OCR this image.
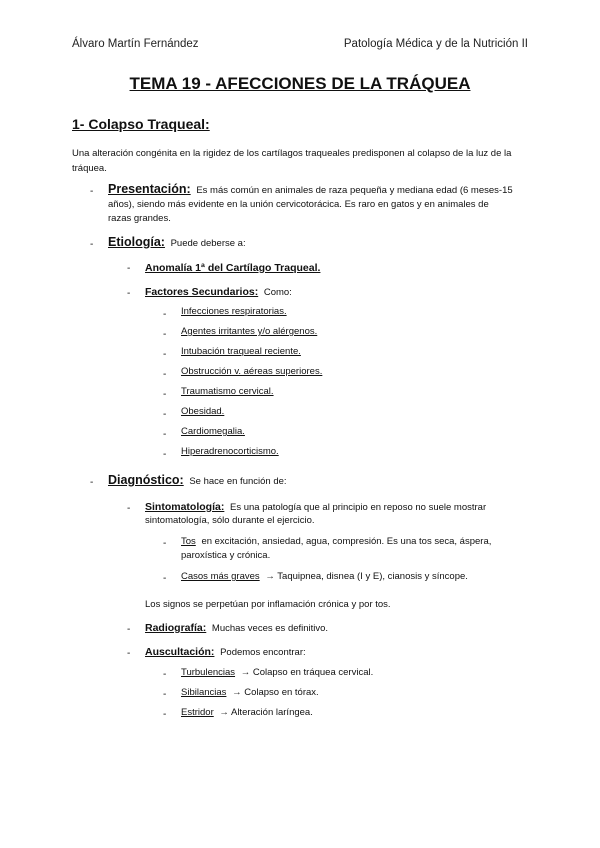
Álvaro Martín Fernández	Patología Médica y de la Nutrición II
TEMA 19 - AFECCIONES DE LA TRÁQUEA
1- Colapso Traqueal:
Una alteración congénita en la rigidez de los cartílagos traqueales predisponen al colapso de la luz de la tráquea.
- Presentación: Es más común en animales de raza pequeña y mediana edad (6 meses-15
años), siendo más evidente en la unión cervicotorácica. Es raro en gatos y en animales de
razas grandes.
- Etiología: Puede deberse a:
- Anomalía 1ª del Cartílago Traqueal.
- Factores Secundarios: Como:
- Infecciones respiratorias.
- Agentes irritantes y/o alérgenos.
- Intubación traqueal reciente.
- Obstrucción v. aéreas superiores.
- Traumatismo cervical.
- Obesidad.
- Cardiomegalia.
- Hiperadrenocorticismo.
- Diagnóstico: Se hace en función de:
- Sintomatología: Es una patología que al principio en reposo no suele mostrar
sintomatología, sólo durante el ejercicio.
- Tos en excitación, ansiedad, agua, compresión. Es una tos seca, áspera,
paroxística y crónica.
- Casos más graves → Taquipnea, disnea (I y E), cianosis y síncope.
Los signos se perpetúan por inflamación crónica y por tos.
- Radiografía: Muchas veces es definitivo.
- Auscultación: Podemos encontrar:
- Turbulencias → Colapso en tráquea cervical.
- Sibilancias → Colapso en tórax.
- Estridor → Alteración laríngea.
